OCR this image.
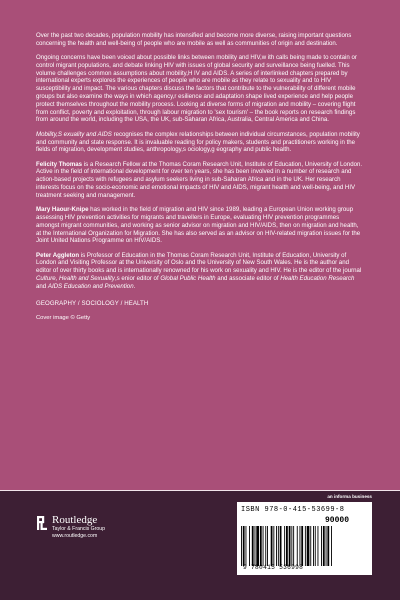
Over the past two decades, population mobility has intensified and become more diverse, raising important questions concerning the health and well-being of people who are mobile as well as communities of origin and destination.

Ongoing concerns have been voiced about possible links between mobility and HIV,w ith calls being made to contain or control migrant populations, and debate linking HIV with issues of global security and surveillance being fuelled. This volume challenges common assumptions about mobility,H IV and AIDS. A series of interlinked chapters prepared by international experts explores the experiences of people who are mobile as they relate to sexuality and to HIV susceptibility and impact. The various chapters discuss the factors that contribute to the vulnerability of different mobile groups but also examine the ways in which agency,r esilience and adaptation shape lived experience and help people protect themselves throughout the mobility process. Looking at diverse forms of migration and mobility – covering flight from conflict, poverty and exploitation, through labour migration to 'sex tourism' – the book reports on research findings from around the world, including the USA, the UK, sub-Saharan Africa, Australia, Central America and China.

Mobility,S exuality and AIDS recognises the complex relationships between individual circumstances, population mobility and community and state response. It is invaluable reading for policy makers, students and practitioners working in the fields of migration, development studies, anthropology,s ociology,g eography and public health.

Felicity Thomas is a Research Fellow at the Thomas Coram Research Unit, Institute of Education, University of London. Active in the field of international development for over ten years, she has been involved in a number of research and action-based projects with refugees and asylum seekers living in sub-Saharan Africa and in the UK. Her research interests focus on the socio-economic and emotional impacts of HIV and AIDS, migrant health and well-being, and HIV treatment seeking and management.

Mary Haour-Knipe has worked in the field of migration and HIV since 1989, leading a European Union working group assessing HIV prevention activities for migrants and travellers in Europe, evaluating HIV prevention programmes amongst migrant communities, and working as senior advisor on migration and HIV/AIDS, then on migration and health, at the International Organization for Migration. She has also served as an advisor on HIV-related migration issues for the Joint United Nations Programme on HIV/AIDS.

Peter Aggleton is Professor of Education in the Thomas Coram Research Unit, Institute of Education, University of London and Visiting Professor at the University of Oslo and the University of New South Wales. He is the author and editor of over thirty books and is internationally renowned for his work on sexuality and HIV. He is the editor of the journal Culture, Health and Sexuality,s enior editor of Global Public Health and associate editor of Health Education Research and AIDS Education and Prevention.

GEOGRAPHY / SOCIOLOGY / HEALTH
Cover image © Getty
Routledge
Taylor & Francis Group
www.routledge.com
an informa business
ISBN 978-0-415-53699-8
90000
9 780415 536998
